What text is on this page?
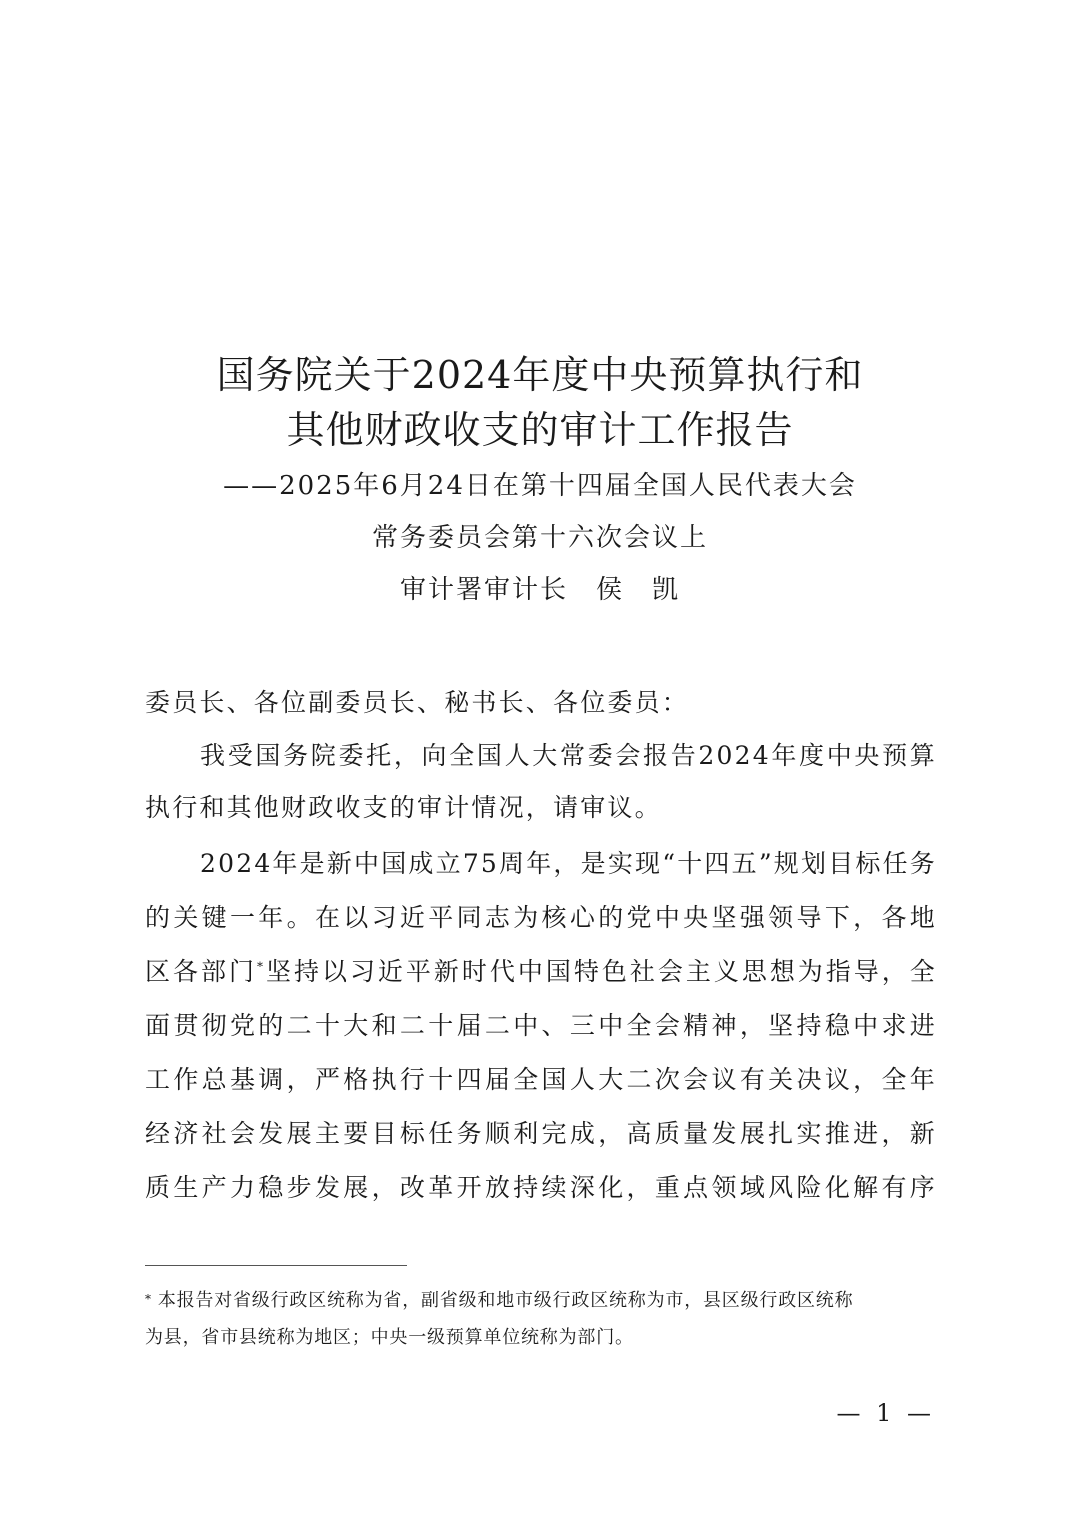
国务院关于2024年度中央预算执行和
其他财政收支的审计工作报告
——2025年6月24日在第十四届全国人民代表大会
常务委员会第十六次会议上
审计署审计长　侯　凯
委员长、各位副委员长、秘书长、各位委员：
我受国务院委托，向全国人大常委会报告2024年度中央预算
执行和其他财政收支的审计情况，请审议。
2024年是新中国成立75周年，是实现“十四五”规划目标任务
的关键一年。在以习近平同志为核心的党中央坚强领导下，各地
区各部门*坚持以习近平新时代中国特色社会主义思想为指导，全
面贯彻党的二十大和二十届二中、三中全会精神，坚持稳中求进
工作总基调，严格执行十四届全国人大二次会议有关决议，全年
经济社会发展主要目标任务顺利完成，高质量发展扎实推进，新
质生产力稳步发展，改革开放持续深化，重点领域风险化解有序
* 本报告对省级行政区统称为省，副省级和地市级行政区统称为市，县区级行政区统称
为县，省市县统称为地区；中央一级预算单位统称为部门。
— 1 —
